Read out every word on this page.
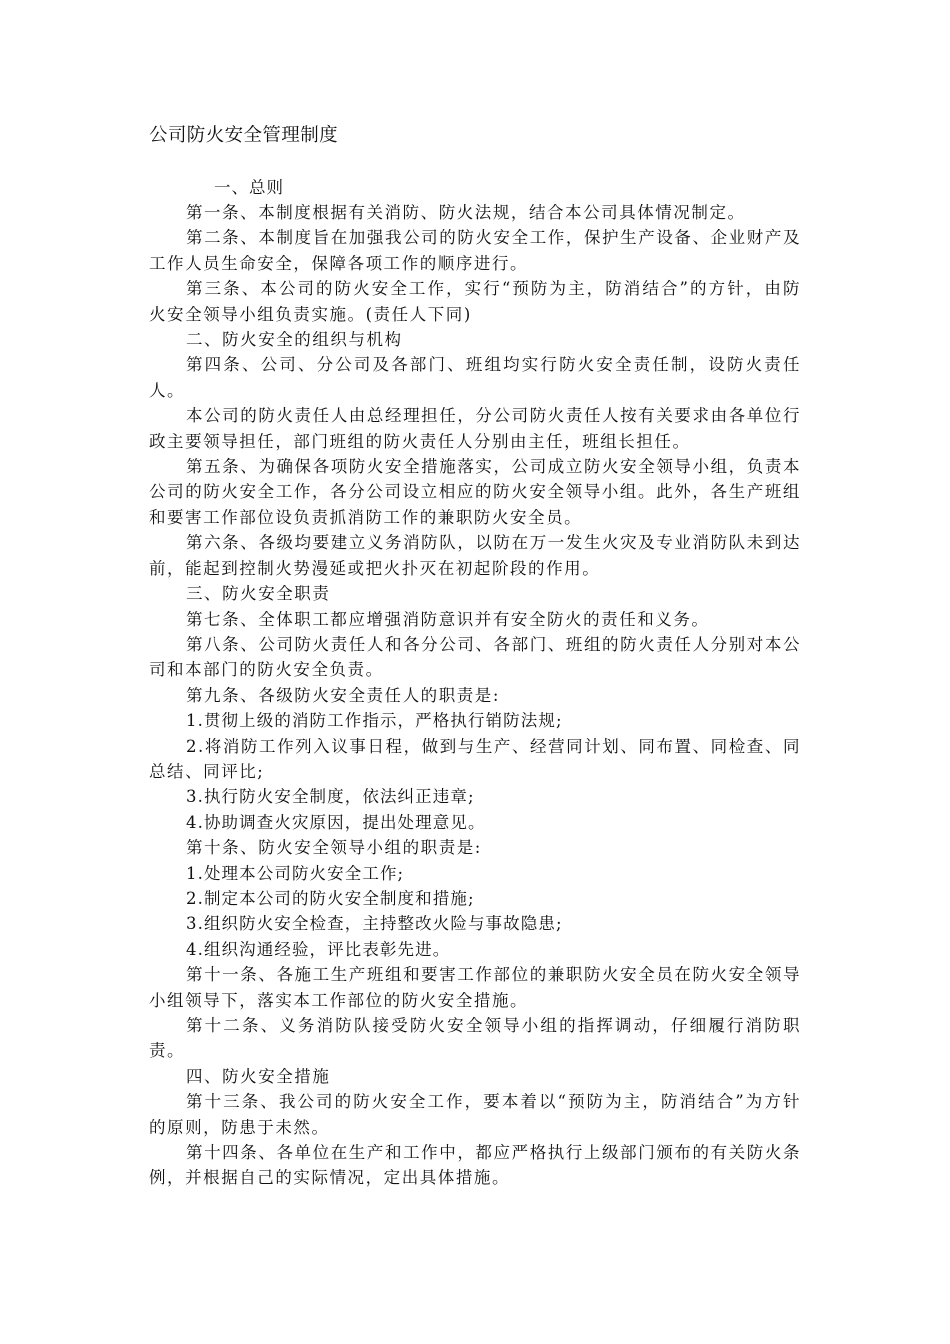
公司防火安全管理制度
一、总则

第一条、本制度根据有关消防、防火法规，结合本公司具体情况制定。

第二条、本制度旨在加强我公司的防火安全工作，保护生产设备、企业财产及工作人员生命安全，保障各项工作的顺序进行。

第三条、本公司的防火安全工作，实行“预防为主，防消结合”的方针，由防火安全领导小组负责实施。(责任人下同)

二、防火安全的组织与机构

第四条、公司、分公司及各部门、班组均实行防火安全责任制，设防火责任人。

本公司的防火责任人由总经理担任，分公司防火责任人按有关要求由各单位行政主要领导担任，部门班组的防火责任人分别由主任，班组长担任。

第五条、为确保各项防火安全措施落实，公司成立防火安全领导小组，负责本公司的防火安全工作，各分公司设立相应的防火安全领导小组。此外，各生产班组和要害工作部位设负责抓消防工作的兼职防火安全员。

第六条、各级均要建立义务消防队，以防在万一发生火灾及专业消防队未到达前，能起到控制火势漫延或把火扑灭在初起阶段的作用。

三、防火安全职责

第七条、全体职工都应增强消防意识并有安全防火的责任和义务。

第八条、公司防火责任人和各分公司、各部门、班组的防火责任人分别对本公司和本部门的防火安全负责。

第九条、各级防火安全责任人的职责是:

1.贯彻上级的消防工作指示，严格执行销防法规;

2.将消防工作列入议事日程，做到与生产、经营同计划、同布置、同检查、同总结、同评比;

3.执行防火安全制度，依法纠正违章;

4.协助调查火灾原因，提出处理意见。

第十条、防火安全领导小组的职责是:

1.处理本公司防火安全工作;

2.制定本公司的防火安全制度和措施;

3.组织防火安全检查，主持整改火险与事故隐患;

4.组织沟通经验，评比表彰先进。

第十一条、各施工生产班组和要害工作部位的兼职防火安全员在防火安全领导小组领导下，落实本工作部位的防火安全措施。

第十二条、义务消防队接受防火安全领导小组的指挥调动，仔细履行消防职责。

四、防火安全措施

第十三条、我公司的防火安全工作，要本着以“预防为主，防消结合”为方针的原则，防患于未然。

第十四条、各单位在生产和工作中，都应严格执行上级部门颁布的有关防火条例，并根据自己的实际情况，定出具体措施。
